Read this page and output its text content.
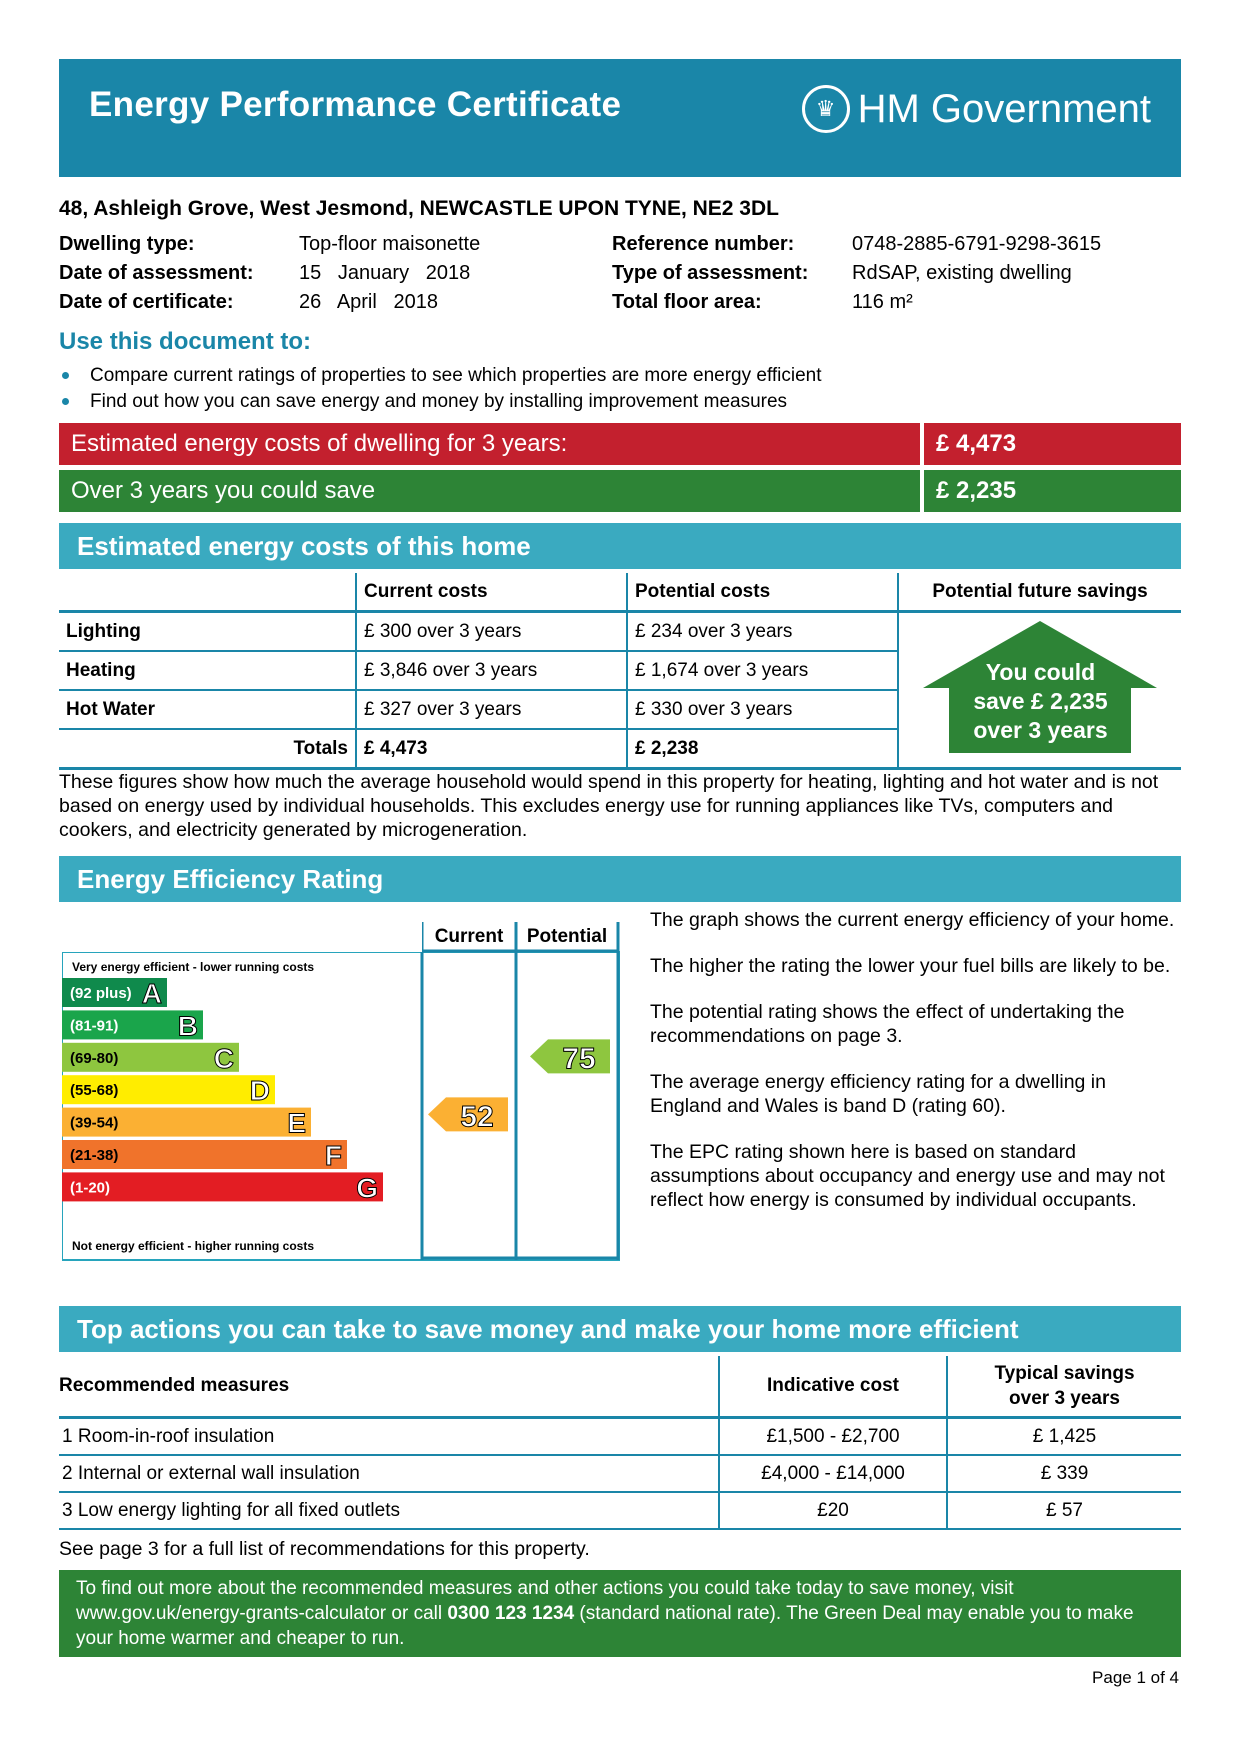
Energy Performance Certificate	♛ HM Government
48, Ashleigh Grove, West Jesmond, NEWCASTLE UPON TYNE, NE2 3DL
Dwelling type:	Top-floor maisonette
Date of assessment:	15   January   2018
Date of certificate:	26   April   2018
Reference number:	0748-2885-6791-9298-3615
Type of assessment:	RdSAP, existing dwelling
Total floor area:	116 m²
Use this document to:
Compare current ratings of properties to see which properties are more energy efficient
Find out how you can save energy and money by installing improvement measures
Estimated energy costs of dwelling for 3 years:	£ 4,473
Over 3 years you could save	£ 2,235
Estimated energy costs of this home
	Current costs	Potential costs	Potential future savings
Lighting	£ 300 over 3 years	£ 234 over 3 years	You could
save £ 2,235
over 3 years

Heating	£ 3,846 over 3 years	£ 1,674 over 3 years	
Hot Water	£ 327 over 3 years	£ 330 over 3 years	
Totals	£ 4,473	£ 2,238	
These figures show how much the average household would spend in this property for heating, lighting and hot water and is not based on energy used by individual households. This excludes energy use for running appliances like TVs, computers and cookers, and electricity generated by microgeneration.
Energy Efficiency Rating
Current Potential
Very energy efficient - lower running costs
Not energy efficient - higher running costs
(92 plus) A
(81-91) B
(69-80)	C
(55-68)	D
(39-54)	E
(21-38)	F
(1-20)	G
52
75

The graph shows the current energy efficiency of your home.

The higher the rating the lower your fuel bills are likely to be.

The potential rating shows the effect of undertaking the recommendations on page 3.

The average energy efficiency rating for a dwelling in England and Wales is band D (rating 60).

The EPC rating shown here is based on standard assumptions about occupancy and energy use and may not reflect how energy is consumed by individual occupants.

Top actions you can take to save money and make your home more efficient
Recommended measures	Indicative cost	Typical savings over 3 years
1 Room-in-roof insulation	£1,500 - £2,700	£ 1,425
2 Internal or external wall insulation	£4,000 - £14,000	£ 339
3 Low energy lighting for all fixed outlets	£20	£ 57
See page 3 for a full list of recommendations for this property.
To find out more about the recommended measures and other actions you could take today to save money, visit www.gov.uk/energy-grants-calculator or call 0300 123 1234 (standard national rate). The Green Deal may enable you to make your home warmer and cheaper to run.
Page 1 of 4
